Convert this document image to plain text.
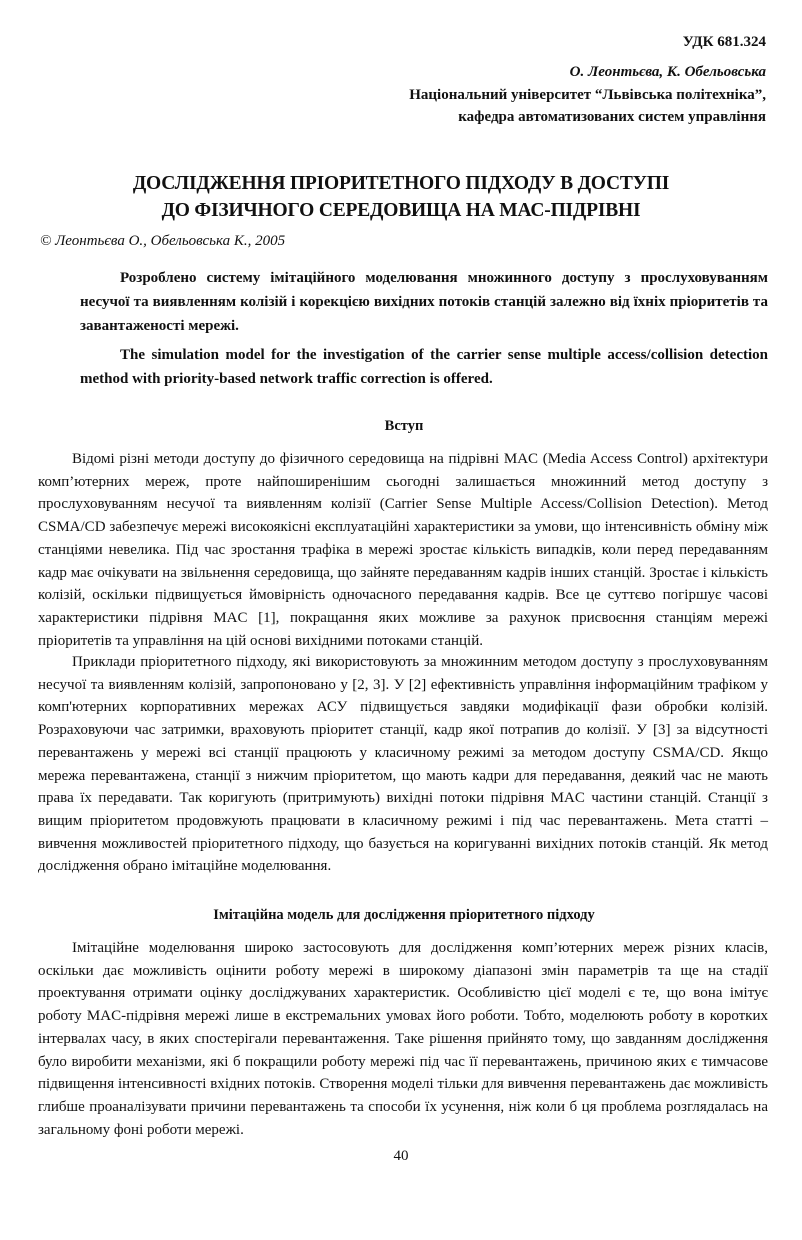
УДК 681.324
О. Леонтьєва, К. Обельовська
Національний університет “Львівська політехніка”,
кафедра автоматизованих систем управління
ДОСЛІДЖЕННЯ ПРІОРИТЕТНОГО ПІДХОДУ В ДОСТУПІ
ДО ФІЗИЧНОГО СЕРЕДОВИЩА НА МАС-ПІДРІВНІ
© Леонтьєва О., Обельовська К., 2005

Розроблено систему імітаційного моделювання множинного доступу з прослуховуванням несучої та виявленням колізій і корекцією вихідних потоків станцій залежно від їхніх пріоритетів та завантаженості мережі.

The simulation model for the investigation of the carrier sense multiple access/collision detection method with priority-based network traffic correction is offered.

Вступ

Відомі різні методи доступу до фізичного середовища на підрівні MAC (Media Access Control) архітектури комп’ютерних мереж, проте найпоширенішим сьогодні залишається множинний метод доступу з прослуховуванням несучої та виявленням колізії (Carrier Sense Multiple Access/Collision Detection). Метод CSMA/CD забезпечує мережі високоякісні експлуатаційні характеристики за умови, що інтенсивність обміну між станціями невелика. Під час зростання трафіка в мережі зростає кількість випадків, коли перед передаванням кадр має очікувати на звільнення середовища, що зайняте передаванням кадрів інших станцій. Зростає і кількість колізій, оскільки підвищується ймовірність одночасного передавання кадрів. Все це суттєво погіршує часові характеристики підрівня MAC [1], покращання яких можливе за рахунок присвоєння станціям мережі пріоритетів та управління на цій основі вихідними потоками станцій.

Приклади пріоритетного підходу, які використовують за множинним методом доступу з прослуховуванням несучої та виявленням колізій, запропоновано у [2, 3]. У [2] ефективність управління інформаційним трафіком у комп'ютерних корпоративних мережах АСУ підвищується завдяки модифікації фази обробки колізій. Розраховуючи час затримки, враховують пріоритет станції, кадр якої потрапив до колізії. У [3] за відсутності перевантажень у мережі всі станції працюють у класичному режимі за методом доступу CSMA/CD. Якщо мережа перевантажена, станції з нижчим пріоритетом, що мають кадри для передавання, деякий час не мають права їх передавати. Так коригують (притримують) вихідні потоки підрівня MAC частини станцій. Станції з вищим пріоритетом продовжують працювати в класичному режимі і під час перевантажень. Мета статті – вивчення можливостей пріоритетного підходу, що базується на коригуванні вихідних потоків станцій. Як метод дослідження обрано імітаційне моделювання.

Імітаційна модель для дослідження пріоритетного підходу

Імітаційне моделювання широко застосовують для дослідження комп’ютерних мереж різних класів, оскільки дає можливість оцінити роботу мережі в широкому діапазоні змін параметрів та ще на стадії проектування отримати оцінку досліджуваних характеристик. Особливістю цієї моделі є те, що вона імітує роботу MAC-підрівня мережі лише в екстремальних умовах його роботи. Тобто, моделюють роботу в коротких інтервалах часу, в яких спостерігали перевантаження. Таке рішення прийнято тому, що завданням дослідження було виробити механізми, які б покращили роботу мережі під час її перевантажень, причиною яких є тимчасове підвищення інтенсивності вхідних потоків. Створення моделі тільки для вивчення перевантажень дає можливість глибше проаналізувати причини перевантажень та способи їх усунення, ніж коли б ця проблема розглядалась на загальному фоні роботи мережі.

40
